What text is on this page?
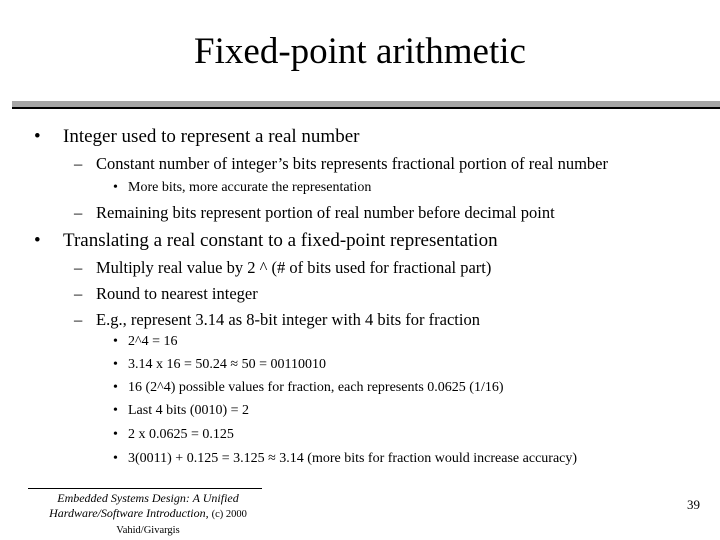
Fixed-point arithmetic
• Integer used to represent a real number
– Constant number of integer’s bits represents fractional portion of real number
• More bits, more accurate the representation
– Remaining bits represent portion of real number before decimal point
• Translating a real constant to a fixed-point representation
– Multiply real value by 2 ^ (# of bits used for fractional part)
– Round to nearest integer
– E.g., represent 3.14 as 8-bit integer with 4 bits for fraction
• 2^4 = 16
• 3.14 x 16 = 50.24 ≈ 50 = 00110010
• 16 (2^4) possible values for fraction, each represents 0.0625 (1/16)
• Last 4 bits (0010) = 2
• 2 x 0.0625 = 0.125
• 3(0011) + 0.125 = 3.125 ≈ 3.14 (more bits for fraction would increase accuracy)
Embedded Systems Design: A Unified
Hardware/Software Introduction, (c) 2000 Vahid/Givargis
39
